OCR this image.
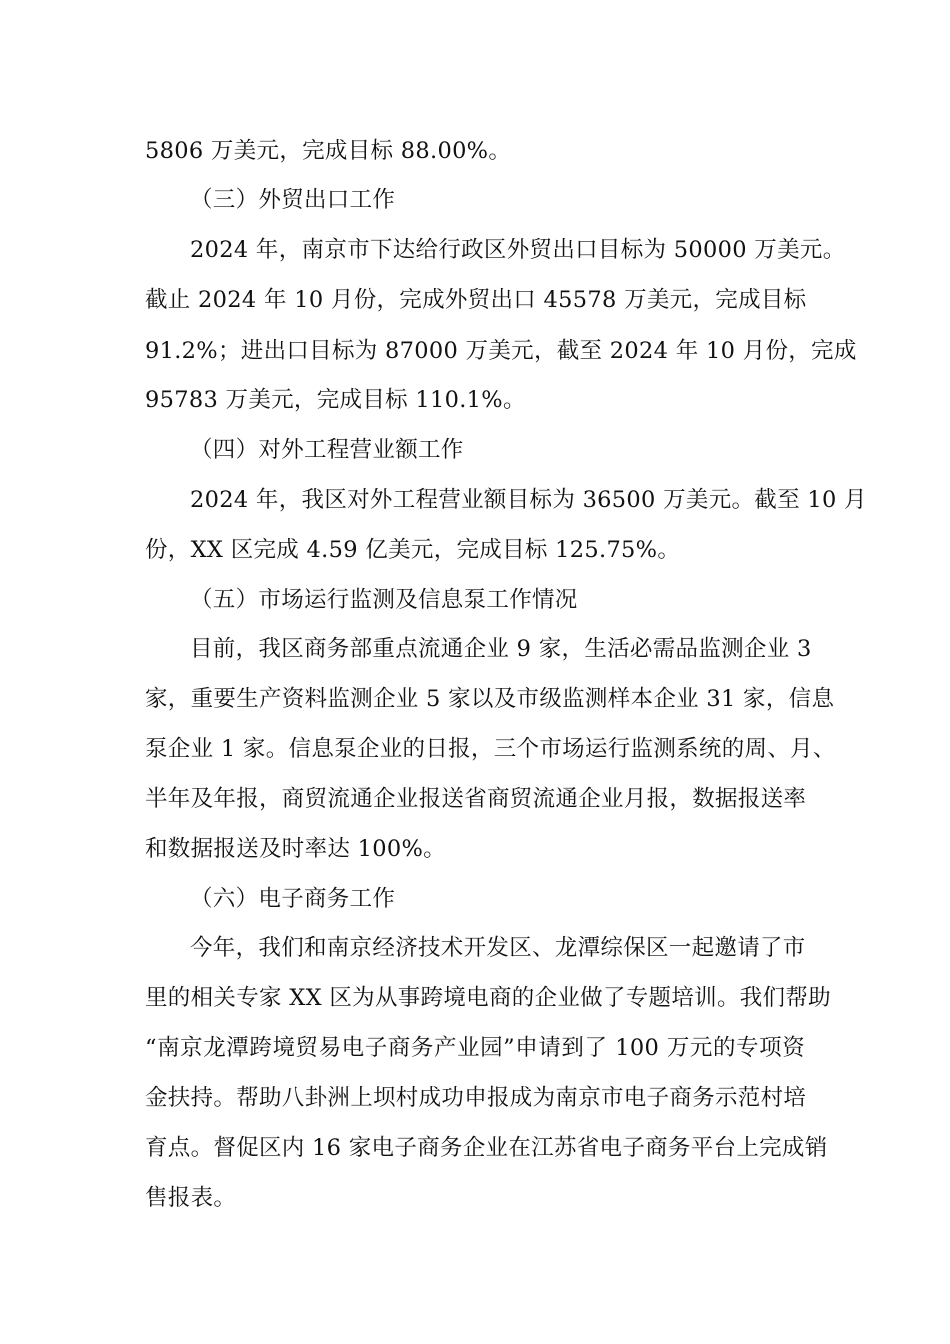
5806 万美元，完成目标 88.00%。
（三）外贸出口工作
2024 年，南京市下达给行政区外贸出口目标为 50000 万美元。
截止 2024 年 10 月份，完成外贸出口 45578 万美元，完成目标
91.2%；进出口目标为 87000 万美元，截至 2024 年 10 月份，完成
95783 万美元，完成目标 110.1%。
（四）对外工程营业额工作
2024 年，我区对外工程营业额目标为 36500 万美元。截至 10 月
份，XX 区完成 4.59 亿美元，完成目标 125.75%。
（五）市场运行监测及信息泵工作情况
目前，我区商务部重点流通企业 9 家，生活必需品监测企业 3
家，重要生产资料监测企业 5 家以及市级监测样本企业 31 家，信息
泵企业 1 家。信息泵企业的日报，三个市场运行监测系统的周、月、
半年及年报，商贸流通企业报送省商贸流通企业月报，数据报送率
和数据报送及时率达 100%。
（六）电子商务工作
今年，我们和南京经济技术开发区、龙潭综保区一起邀请了市
里的相关专家 XX 区为从事跨境电商的企业做了专题培训。我们帮助
“南京龙潭跨境贸易电子商务产业园”申请到了 100 万元的专项资
金扶持。帮助八卦洲上坝村成功申报成为南京市电子商务示范村培
育点。督促区内 16 家电子商务企业在江苏省电子商务平台上完成销
售报表。
